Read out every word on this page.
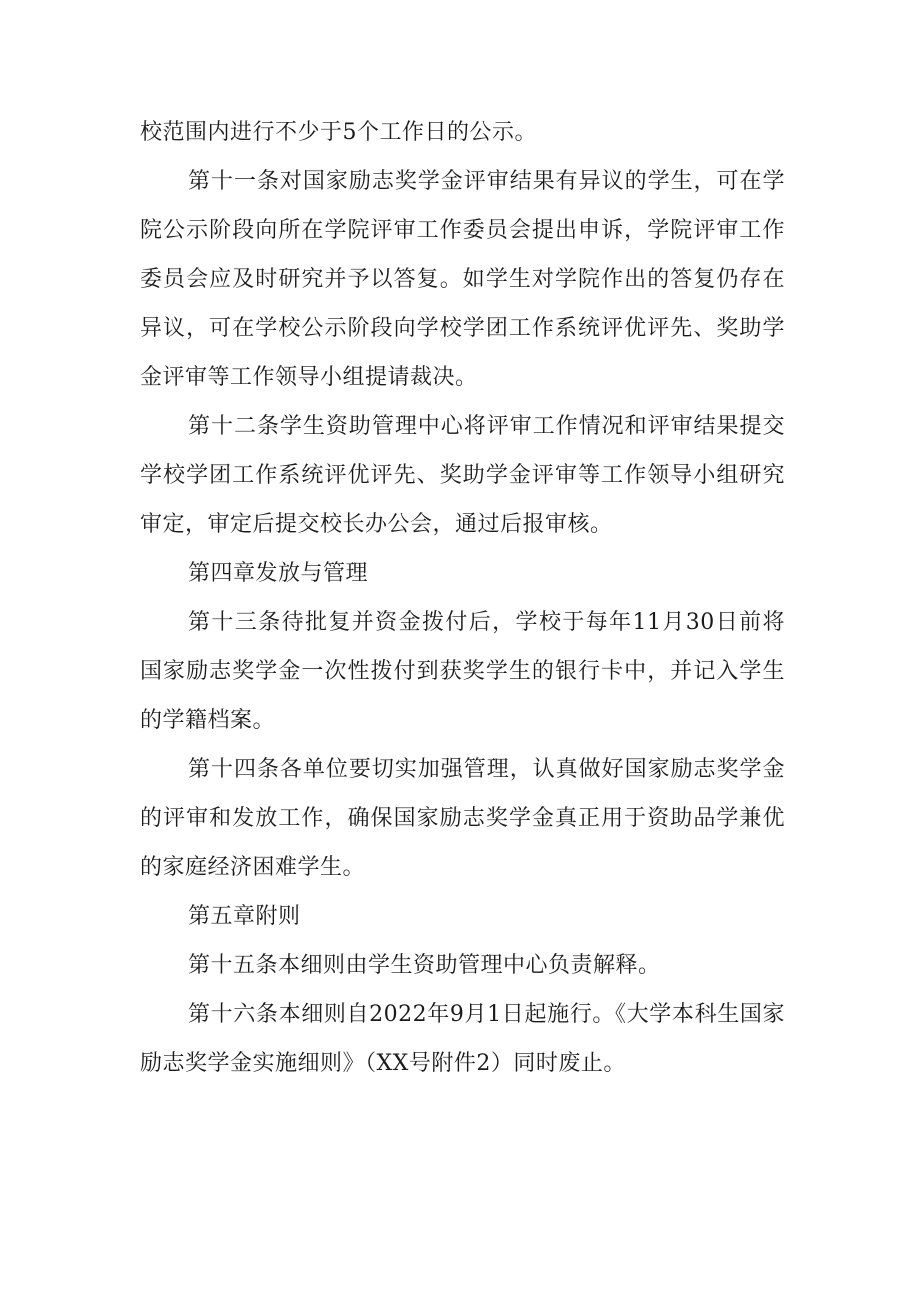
校范围内进行不少于5个工作日的公示。

第十一条对国家励志奖学金评审结果有异议的学生，可在学院公示阶段向所在学院评审工作委员会提出申诉，学院评审工作委员会应及时研究并予以答复。如学生对学院作出的答复仍存在异议，可在学校公示阶段向学校学团工作系统评优评先、奖助学金评审等工作领导小组提请裁决。

第十二条学生资助管理中心将评审工作情况和评审结果提交学校学团工作系统评优评先、奖助学金评审等工作领导小组研究审定，审定后提交校长办公会，通过后报审核。

第四章发放与管理

第十三条待批复并资金拨付后，学校于每年11月30日前将国家励志奖学金一次性拨付到获奖学生的银行卡中，并记入学生的学籍档案。

第十四条各单位要切实加强管理，认真做好国家励志奖学金的评审和发放工作，确保国家励志奖学金真正用于资助品学兼优的家庭经济困难学生。

第五章附则

第十五条本细则由学生资助管理中心负责解释。

第十六条本细则自2022年9月1日起施行。《大学本科生国家励志奖学金实施细则》（XX号附件2）同时废止。
